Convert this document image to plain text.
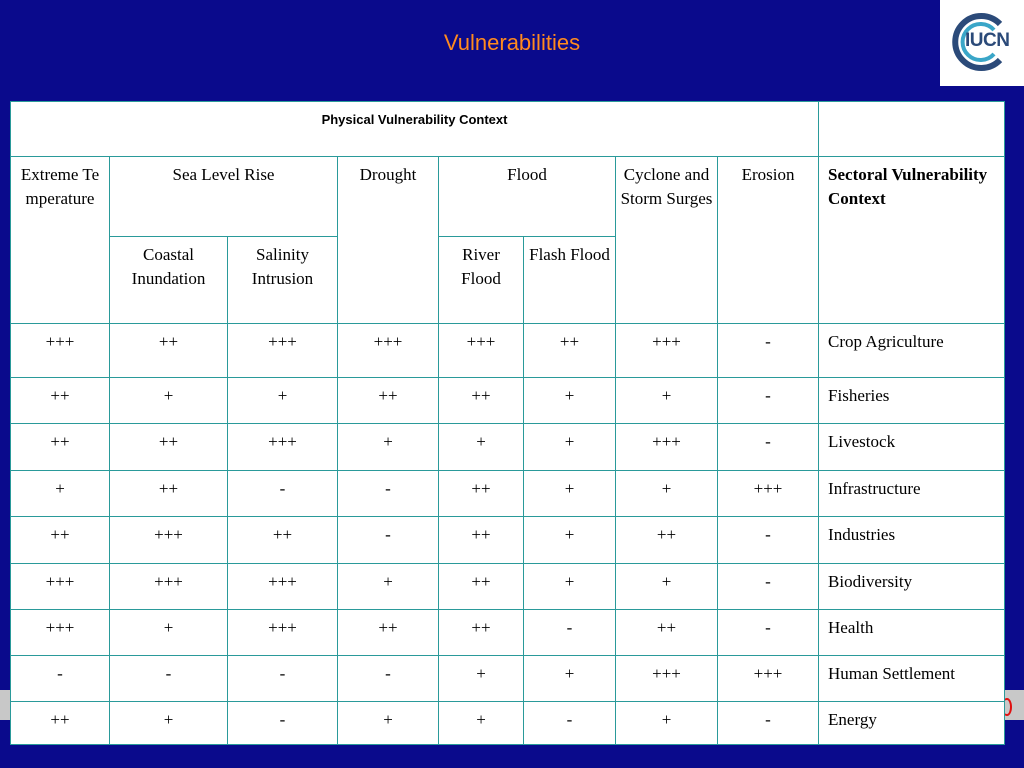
Vulnerabilities	IUCN
Physical Vulnerability Context								
Extreme Temperature	Sea Level Rise		Drought	Flood		Cyclone and Storm Surges	Erosion	Sectoral Vulnerability Context
	Coastal Inundation	Salinity Intrusion		River Flood	Flash Flood			
+++	++	+++	+++	+++	++	+++	-	Crop Agriculture
++	+	+	++	++	+	+	-	Fisheries
++	++	+++	+	+	+	+++	-	Livestock
+	++	-	-	++	+	+	+++	Infrastructure
++	+++	++	-	++	+	++	-	Industries
+++	+++	+++	+	++	+	+	-	Biodiversity
+++	+	+++	++	++	-	++	-	Health
-	-	-	-	+	+	+++	+++	Human Settlement
++	+	-	+	+	-	+	-	Energy
